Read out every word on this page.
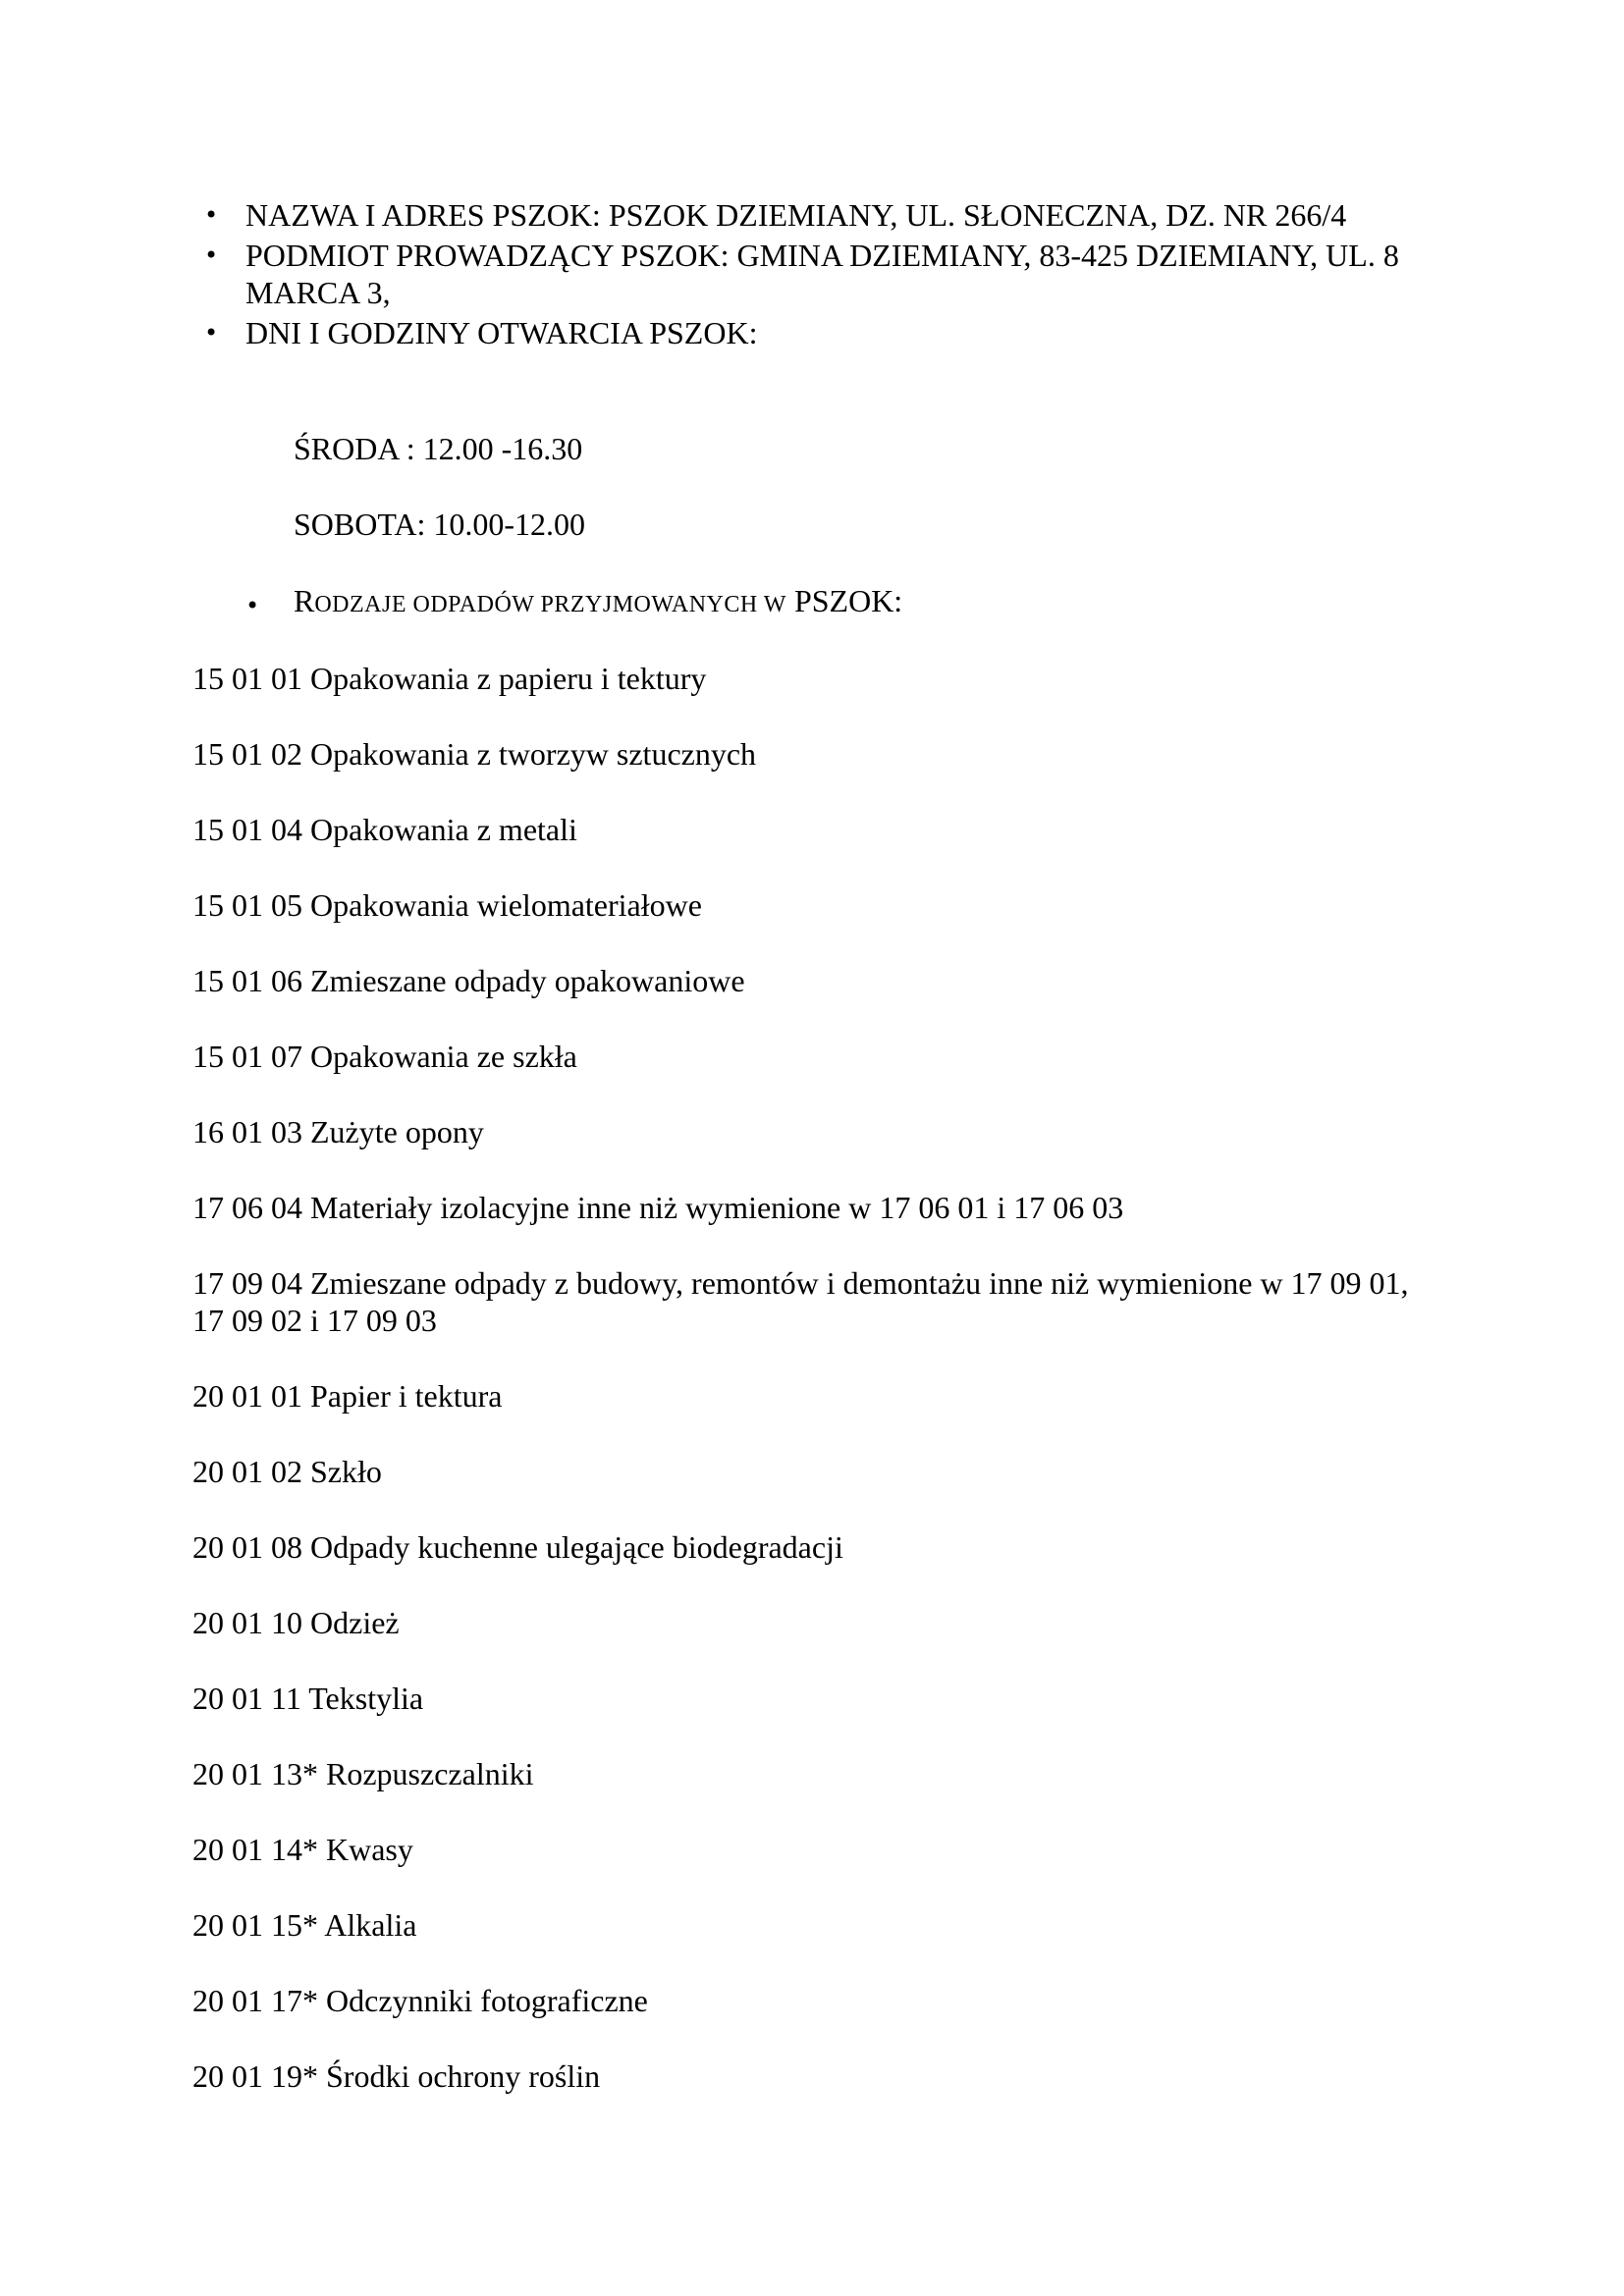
• NAZWA I ADRES PSZOK: PSZOK DZIEMIANY, UL. SŁONECZNA, DZ. NR 266/4
• PODMIOT PROWADZĄCY PSZOK: GMINA DZIEMIANY, 83-425 DZIEMIANY, UL. 8 MARCA 3,
• DNI I GODZINY OTWARCIA PSZOK:

ŚRODA : 12.00 -16.30

SOBOTA: 10.00-12.00

• RODZAJE ODPADÓW PRZYJMOWANYCH W PSZOK:

15 01 01 Opakowania z papieru i tektury
15 01 02 Opakowania z tworzyw sztucznych
15 01 04 Opakowania z metali
15 01 05 Opakowania wielomateriałowe
15 01 06 Zmieszane odpady opakowaniowe
15 01 07 Opakowania ze szkła
16 01 03 Zużyte opony
17 06 04 Materiały izolacyjne inne niż wymienione w 17 06 01 i 17 06 03
17 09 04 Zmieszane odpady z budowy, remontów i demontażu inne niż wymienione w 17 09 01, 17 09 02 i 17 09 03
20 01 01 Papier i tektura
20 01 02 Szkło
20 01 08 Odpady kuchenne ulegające biodegradacji
20 01 10 Odzież
20 01 11 Tekstylia
20 01 13* Rozpuszczalniki
20 01 14* Kwasy
20 01 15* Alkalia
20 01 17* Odczynniki fotograficzne
20 01 19* Środki ochrony roślin
